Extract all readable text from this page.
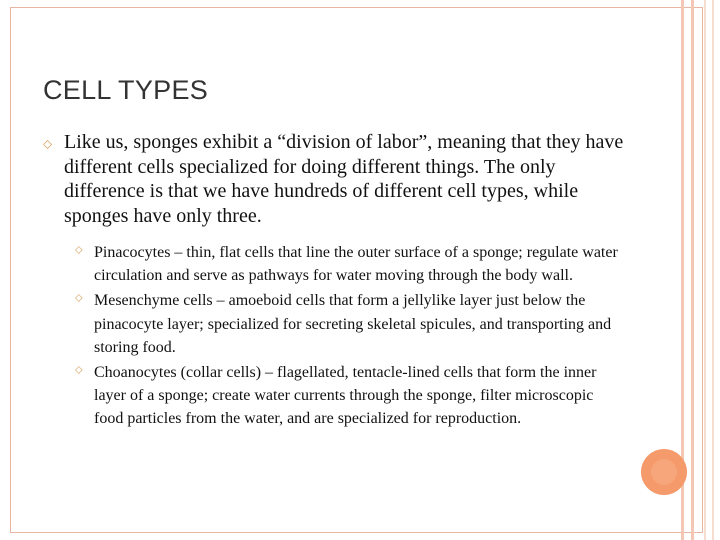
CELL TYPES
⬦ Like us, sponges exhibit a “division of labor”, meaning that they have different cells specialized for doing different things. The only difference is that we have hundreds of different cell types, while sponges have only three.
⬦ Pinacocytes – thin, flat cells that line the outer surface of a sponge; regulate water circulation and serve as pathways for water moving through the body wall.
⬦ Mesenchyme cells – amoeboid cells that form a jellylike layer just below the pinacocyte layer; specialized for secreting skeletal spicules, and transporting and storing food.
⬦ Choanocytes (collar cells) – flagellated, tentacle-lined cells that form the inner layer of a sponge; create water currents through the sponge, filter microscopic food particles from the water, and are specialized for reproduction.
